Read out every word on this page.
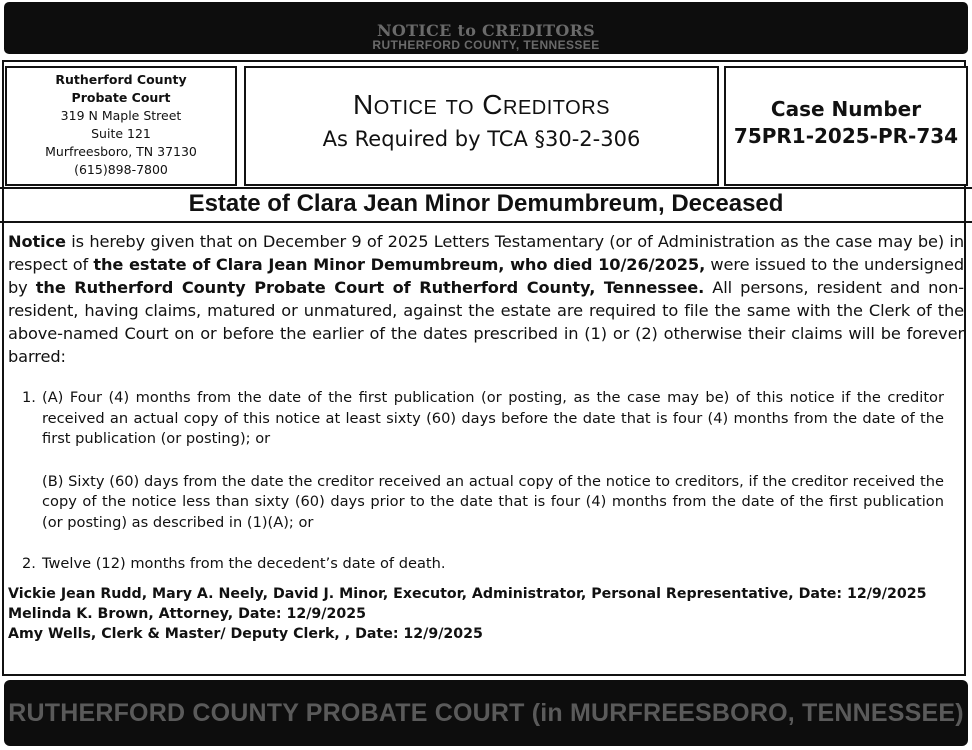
NOTICE to CREDITORS
RUTHERFORD COUNTY, TENNESSEE
Rutherford County
Probate Court
319 N Maple Street
Suite 121
Murfreesboro, TN 37130
(615)898-7800
Notice to Creditors
As Required by TCA §30-2-306
Case Number
75PR1-2025-PR-734
Estate of Clara Jean Minor Demumbreum, Deceased
Notice is hereby given that on December 9 of 2025 Letters Testamentary (or of Administration as the case may be) in respect of the estate of Clara Jean Minor Demumbreum, who died 10/26/2025, were issued to the undersigned by the Rutherford County Probate Court of Rutherford County, Tennessee. All persons, resident and non-resident, having claims, matured or unmatured, against the estate are required to file the same with the Clerk of the above-named Court on or before the earlier of the dates prescribed in (1) or (2) otherwise their claims will be forever barred:
1. (A) Four (4) months from the date of the first publication (or posting, as the case may be) of this notice if the creditor received an actual copy of this notice at least sixty (60) days before the date that is four (4) months from the date of the first publication (or posting); or
(B) Sixty (60) days from the date the creditor received an actual copy of the notice to creditors, if the creditor received the copy of the notice less than sixty (60) days prior to the date that is four (4) months from the date of the first publication (or posting) as described in (1)(A); or
2. Twelve (12) months from the decedent’s date of death.
Vickie Jean Rudd, Mary A. Neely, David J. Minor, Executor, Administrator, Personal Representative, Date: 12/9/2025
Melinda K. Brown, Attorney, Date: 12/9/2025
Amy Wells, Clerk & Master/ Deputy Clerk, , Date: 12/9/2025
RUTHERFORD COUNTY PROBATE COURT (in MURFREESBORO, TENNESSEE)
